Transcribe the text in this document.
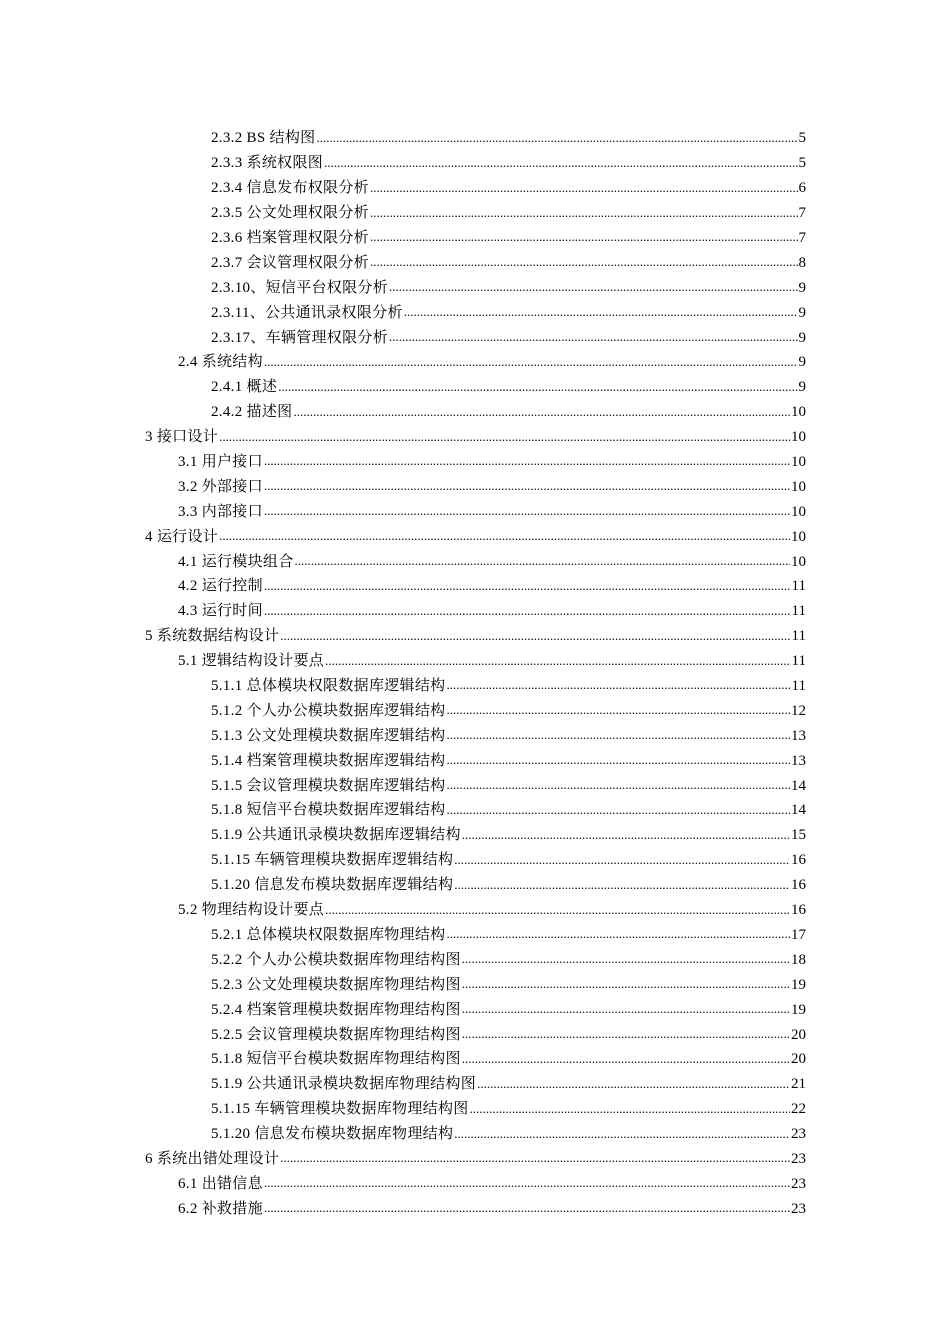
2.3.2 BS 结构图 .....	5
2.3.3 系统权限图 .....	5
2.3.4 信息发布权限分析 .....	6
2.3.5 公文处理权限分析 .....	7
2.3.6 档案管理权限分析 .....	7
2.3.7 会议管理权限分析 .....	8
2.3.10、短信平台权限分析 .....	9
2.3.11、公共通讯录权限分析 .....	9
2.3.17、车辆管理权限分析 .....	9
2.4 系统结构 .....	9
2.4.1 概述 .....	9
2.4.2 描述图 .....	10
3 接口设计 .....	10
3.1 用户接口 .....	10
3.2 外部接口 .....	10
3.3 内部接口 .....	10
4 运行设计 .....	10
4.1 运行模块组合 .....	10
4.2 运行控制 .....	11
4.3 运行时间 .....	11
5 系统数据结构设计 .....	11
5.1 逻辑结构设计要点 .....	11
5.1.1 总体模块权限数据库逻辑结构 .....	11
5.1.2 个人办公模块数据库逻辑结构 .....	12
5.1.3 公文处理模块数据库逻辑结构 .....	13
5.1.4 档案管理模块数据库逻辑结构 .....	13
5.1.5 会议管理模块数据库逻辑结构 .....	14
5.1.8 短信平台模块数据库逻辑结构 .....	14
5.1.9 公共通讯录模块数据库逻辑结构 .....	15
5.1.15 车辆管理模块数据库逻辑结构 .....	16
5.1.20 信息发布模块数据库逻辑结构 .....	16
5.2 物理结构设计要点 .....	16
5.2.1 总体模块权限数据库物理结构 .....	17
5.2.2 个人办公模块数据库物理结构图 .....	18
5.2.3 公文处理模块数据库物理结构图 .....	19
5.2.4 档案管理模块数据库物理结构图 .....	19
5.2.5 会议管理模块数据库物理结构图 .....	20
5.1.8 短信平台模块数据库物理结构图 .....	20
5.1.9 公共通讯录模块数据库物理结构图 .....	21
5.1.15 车辆管理模块数据库物理结构图 .....	22
5.1.20 信息发布模块数据库物理结构 .....	23
6 系统出错处理设计 .....	23
6.1 出错信息 .....	23
6.2 补救措施 .....	23
